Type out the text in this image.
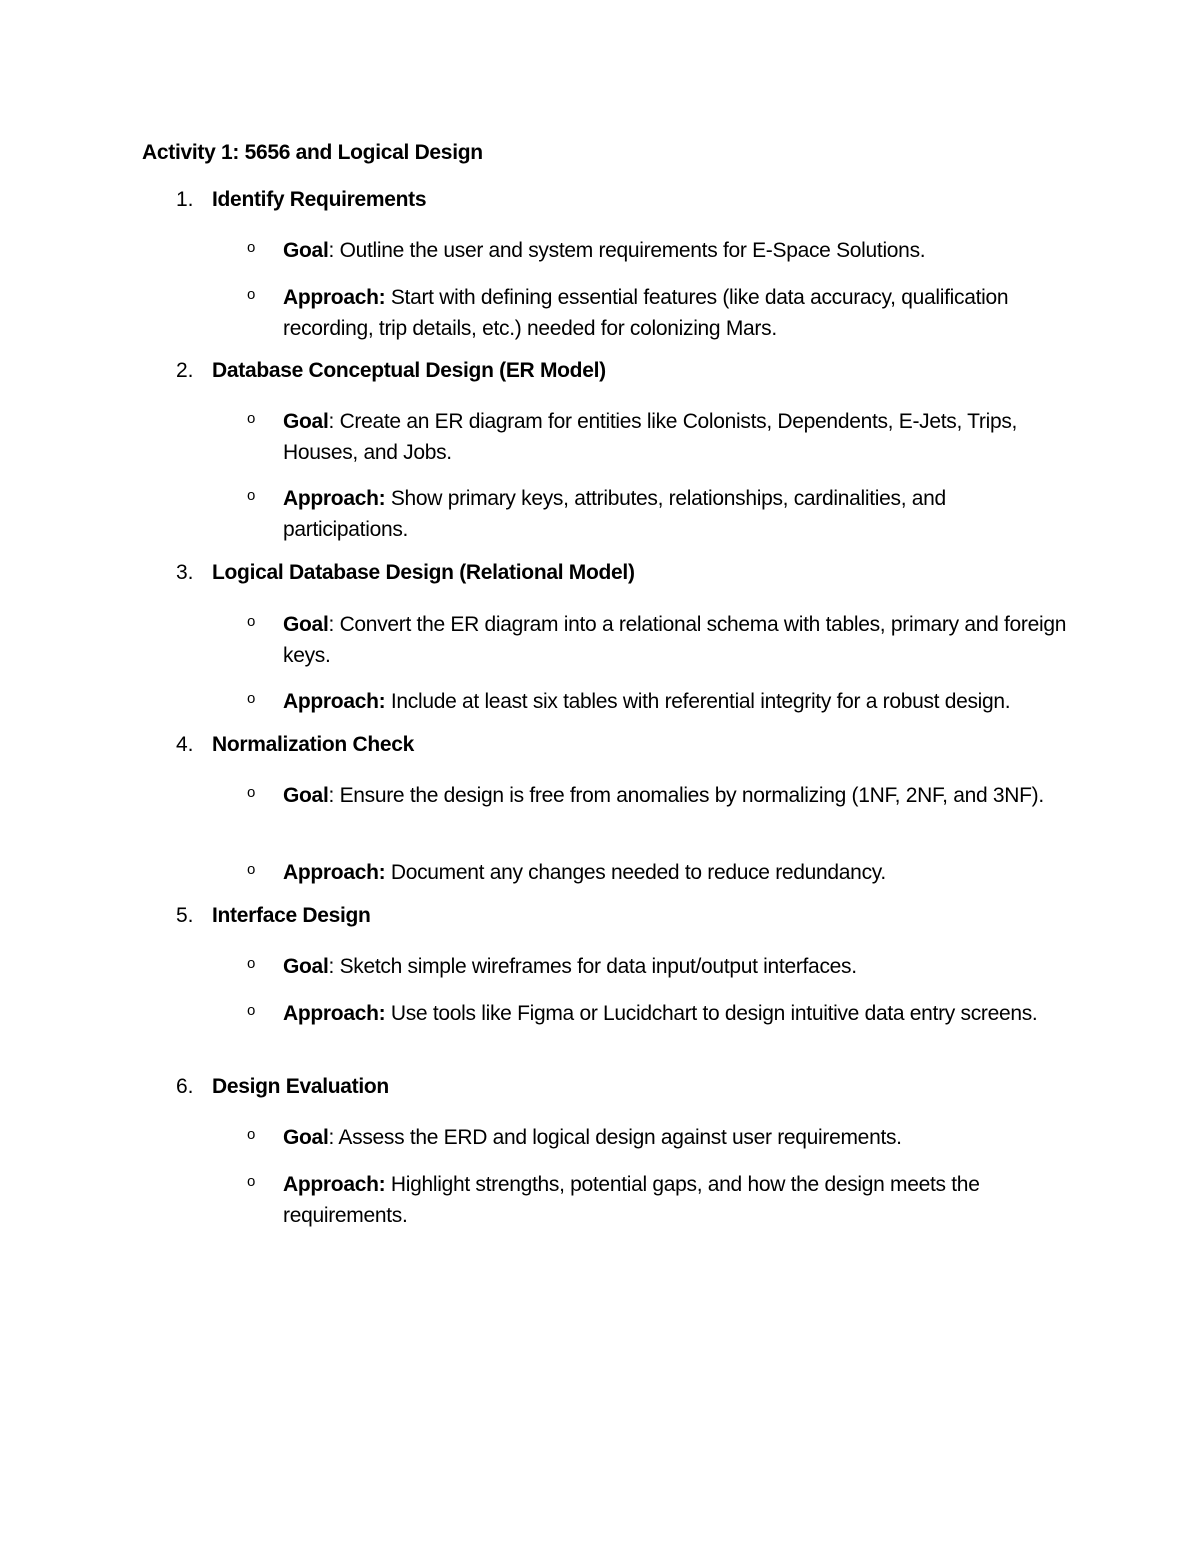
Activity 1: 5656 and Logical Design
1. Identify Requirements
o Goal: Outline the user and system requirements for E-Space Solutions.
o Approach: Start with defining essential features (like data accuracy, qualification recording, trip details, etc.) needed for colonizing Mars.
2. Database Conceptual Design (ER Model)
o Goal: Create an ER diagram for entities like Colonists, Dependents, E-Jets, Trips, Houses, and Jobs.
o Approach: Show primary keys, attributes, relationships, cardinalities, and participations.
3. Logical Database Design (Relational Model)
o Goal: Convert the ER diagram into a relational schema with tables, primary and foreign keys.
o Approach: Include at least six tables with referential integrity for a robust design.
4. Normalization Check
o Goal: Ensure the design is free from anomalies by normalizing (1NF, 2NF, and 3NF).
o Approach: Document any changes needed to reduce redundancy.
5. Interface Design
o Goal: Sketch simple wireframes for data input/output interfaces.
o Approach: Use tools like Figma or Lucidchart to design intuitive data entry screens.
6. Design Evaluation
o Goal: Assess the ERD and logical design against user requirements.
o Approach: Highlight strengths, potential gaps, and how the design meets the requirements.
